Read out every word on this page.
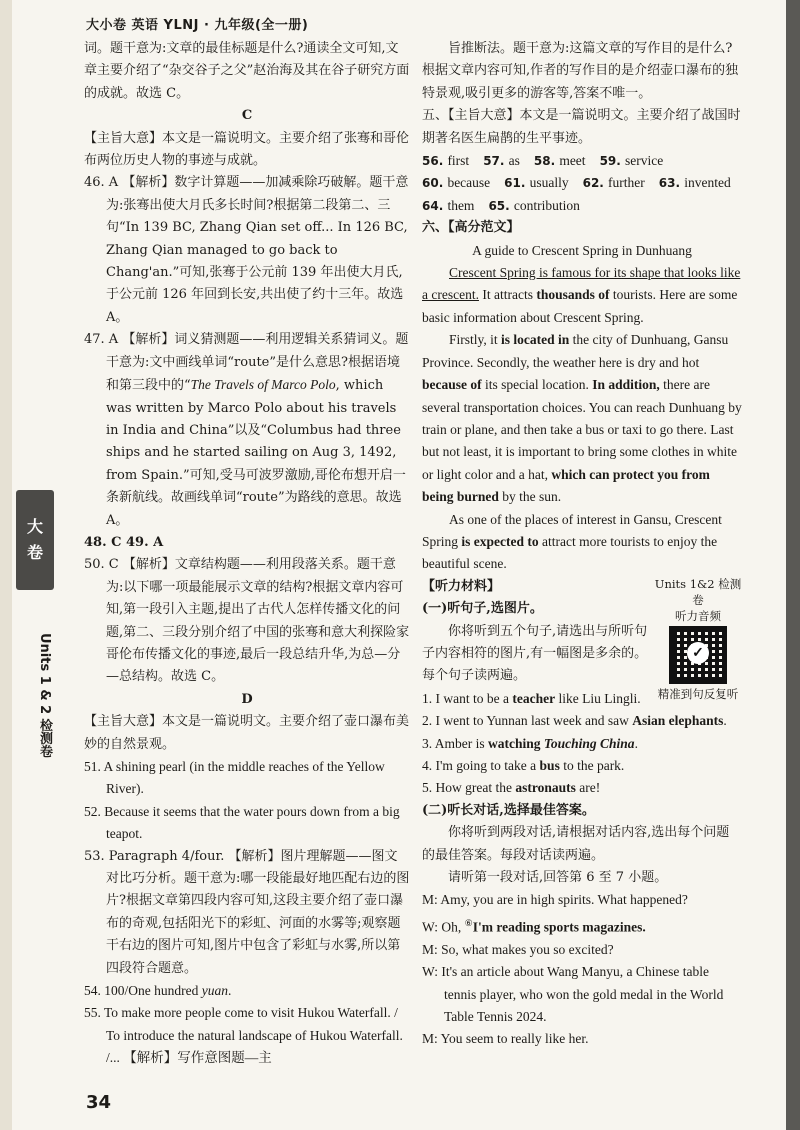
大小卷 英语 YLNJ · 九年级(全一册)
大
卷
Units 1 & 2 检测卷

词。题干意为:文章的最佳标题是什么?通读全文可知,文章主要介绍了“杂交谷子之父”赵治海及其在谷子研究方面的成就。故选 C。

C

【主旨大意】本文是一篇说明文。主要介绍了张骞和哥伦布两位历史人物的事迹与成就。

46. A 【解析】数字计算题——加减乘除巧破解。题干意为:张骞出使大月氏多长时间?根据第二段第二、三句“In 139 BC, Zhang Qian set off... In 126 BC, Zhang Qian managed to go back to Chang'an.”可知,张骞于公元前 139 年出使大月氏,于公元前 126 年回到长安,共出使了约十三年。故选 A。

47. A 【解析】词义猜测题——利用逻辑关系猜词义。题干意为:文中画线单词“route”是什么意思?根据语境和第三段中的“The Travels of Marco Polo, which was written by Marco Polo about his travels in India and China”以及“Columbus had three ships and he started sailing on Aug 3, 1492, from Spain.”可知,受马可波罗激励,哥伦布想开启一条新航线。故画线单词“route”为路线的意思。故选 A。

48. C 49. A

50. C 【解析】文章结构题——利用段落关系。题干意为:以下哪一项最能展示文章的结构?根据文章内容可知,第一段引入主题,提出了古代人怎样传播文化的问题,第二、三段分别介绍了中国的张骞和意大利探险家哥伦布传播文化的事迹,最后一段总结升华,为总—分—总结构。故选 C。

D

【主旨大意】本文是一篇说明文。主要介绍了壶口瀑布美妙的自然景观。

51. A shining pearl (in the middle reaches of the Yellow River).

52. Because it seems that the water pours down from a big teapot.

53. Paragraph 4/four. 【解析】图片理解题——图文对比巧分析。题干意为:哪一段能最好地匹配右边的图片?根据文章第四段内容可知,这段主要介绍了壶口瀑布的奇观,包括阳光下的彩虹、河面的水雾等;观察题干右边的图片可知,图片中包含了彩虹与水雾,所以第四段符合题意。

54. 100/One hundred yuan.

55. To make more people come to visit Hukou Waterfall. / To introduce the natural landscape of Hukou Waterfall. /... 【解析】写作意图题—主

旨推断法。题干意为:这篇文章的写作目的是什么?根据文章内容可知,作者的写作目的是介绍壶口瀑布的独特景观,吸引更多的游客等,答案不唯一。

五、【主旨大意】本文是一篇说明文。主要介绍了战国时期著名医生扁鹊的生平事迹。

56. first 57. as 58. meet 59. service
60. because 61. usually 62. further 63. invented
64. them 65. contribution

六、【高分范文】

A guide to Crescent Spring in Dunhuang

Crescent Spring is famous for its shape that looks like a crescent. It attracts thousands of tourists. Here are some basic information about Crescent Spring.

Firstly, it is located in the city of Dunhuang, Gansu Province. Secondly, the weather here is dry and hot because of its special location. In addition, there are several transportation choices. You can reach Dunhuang by train or plane, and then take a bus or taxi to go there. Last but not least, it is important to bring some clothes in white or light color and a hat, which can protect you from being burned by the sun.

As one of the places of interest in Gansu, Crescent Spring is expected to attract more tourists to enjoy the beautiful scene.

Units 1&2 检测卷
听力音频
✓
精准到句反复听

【听力材料】

(一)听句子,选图片。

你将听到五个句子,请选出与所听句子内容相符的图片,有一幅图是多余的。每个句子读两遍。

1. I want to be a teacher like Liu Lingli.

2. I went to Yunnan last week and saw Asian elephants.

3. Amber is watching Touching China.

4. I'm going to take a bus to the park.

5. How great the astronauts are!

(二)听长对话,选择最佳答案。

你将听到两段对话,请根据对话内容,选出每个问题的最佳答案。每段对话读两遍。

请听第一段对话,回答第 6 至 7 小题。

M: Amy, you are in high spirits. What happened?

W: Oh, ⑥I'm reading sports magazines.

M: So, what makes you so excited?

W: It's an article about Wang Manyu, a Chinese table tennis player, who won the gold medal in the World Table Tennis 2024.

M: You seem to really like her.

34
